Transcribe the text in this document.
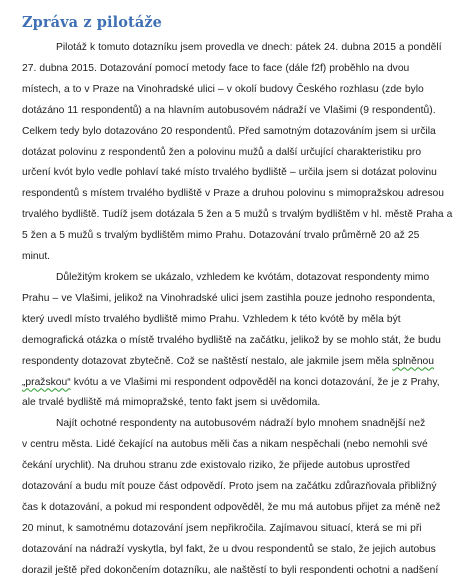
Zpráva z pilotáže

Pilotáž k tomuto dotazníku jsem provedla ve dnech: pátek 24. dubna 2015 a pondělí
27. dubna 2015. Dotazování pomocí metody face to face (dále f2f) proběhlo na dvou
místech, a to v Praze na Vinohradské ulici – v okolí budovy Českého rozhlasu (zde bylo
dotázáno 11 respondentů) a na hlavním autobusovém nádraží ve Vlašimi (9 respondentů).
Celkem tedy bylo dotazováno 20 respondentů. Před samotným dotazováním jsem si určila
dotázat polovinu z respondentů žen a polovinu mužů a další určující charakteristiku pro
určení kvót bylo vedle pohlaví také místo trvalého bydliště – určila jsem si dotázat polovinu
respondentů s místem trvalého bydliště v Praze a druhou polovinu s mimopražskou adresou
trvalého bydliště. Tudíž jsem dotázala 5 žen a 5 mužů s trvalým bydlištěm v hl. městě Praha a
5 žen a 5 mužů s trvalým bydlištěm mimo Prahu. Dotazování trvalo průměrně 20 až 25
minut.

Důležitým krokem se ukázalo, vzhledem ke kvótám, dotazovat respondenty mimo
Prahu – ve Vlašimi, jelikož na Vinohradské ulici jsem zastihla pouze jednoho respondenta,
který uvedl místo trvalého bydliště mimo Prahu. Vzhledem k této kvótě by měla být
demografická otázka o místě trvalého bydliště na začátku, jelikož by se mohlo stát, že budu
respondenty dotazovat zbytečně. Což se naštěstí nestalo, ale jakmile jsem měla splněnou
„pražskou“ kvótu a ve Vlašimi mi respondent odpověděl na konci dotazování, že je z Prahy,
ale trvalé bydliště má mimopražské, tento fakt jsem si uvědomila.

Najít ochotné respondenty na autobusovém nádraží bylo mnohem snadnější než
v centru města. Lidé čekající na autobus měli čas a nikam nespěchali (nebo nemohli své
čekání urychlit). Na druhou stranu zde existovalo riziko, že přijede autobus uprostřed
dotazování a budu mít pouze část odpovědí. Proto jsem na začátku zdůrazňovala přibližný
čas k dotazování, a pokud mi respondent odpověděl, že mu má autobus přijet za méně než
20 minut, k samotnému dotazování jsem nepřikročila. Zajímavou situací, která se mi při
dotazování na nádraží vyskytla, byl fakt, že u dvou respondentů se stalo, že jejich autobus
dorazil ještě před dokončením dotazníku, ale naštěstí to byli respondenti ochotni a nadšení
